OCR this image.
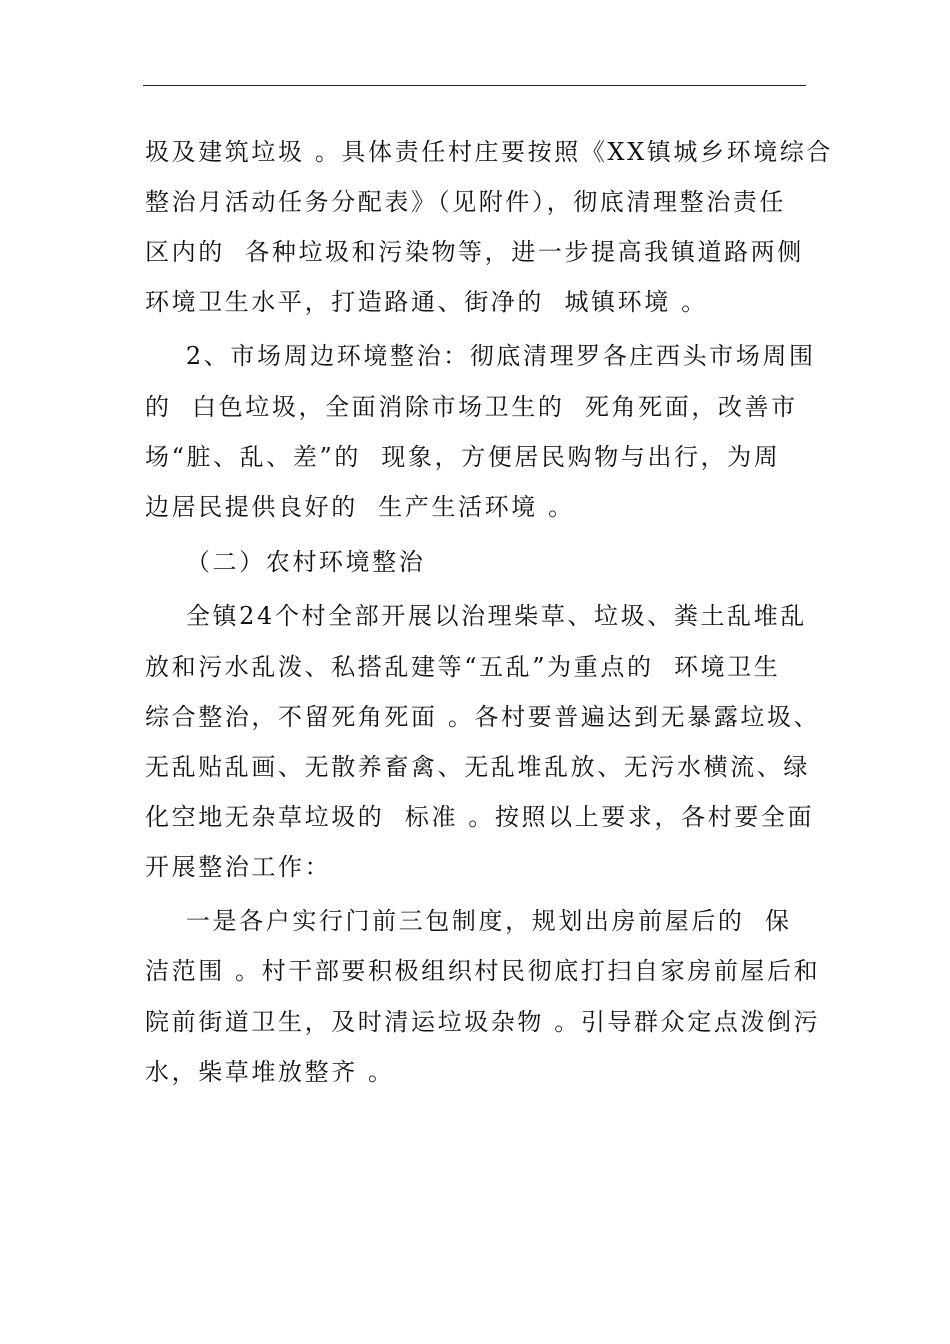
圾及建筑垃圾 。具体责任村庄要按照《XX镇城乡环境综合
整治月活动任务分配表》（见附件），彻底清理整治责任
区内的  各种垃圾和污染物等，进一步提高我镇道路两侧
环境卫生水平，打造路通、街净的  城镇环境 。
2、市场周边环境整治：彻底清理罗各庄西头市场周围
的  白色垃圾，全面消除市场卫生的  死角死面，改善市
场“脏、乱、差”的  现象，方便居民购物与出行，为周
边居民提供良好的  生产生活环境 。
（二）农村环境整治
全镇24个村全部开展以治理柴草、垃圾、粪土乱堆乱
放和污水乱泼、私搭乱建等“五乱”为重点的  环境卫生
综合整治，不留死角死面 。各村要普遍达到无暴露垃圾、
无乱贴乱画、无散养畜禽、无乱堆乱放、无污水横流、绿
化空地无杂草垃圾的  标准 。按照以上要求，各村要全面
开展整治工作：
一是各户实行门前三包制度，规划出房前屋后的  保
洁范围 。村干部要积极组织村民彻底打扫自家房前屋后和
院前街道卫生，及时清运垃圾杂物 。引导群众定点泼倒污
水，柴草堆放整齐 。
